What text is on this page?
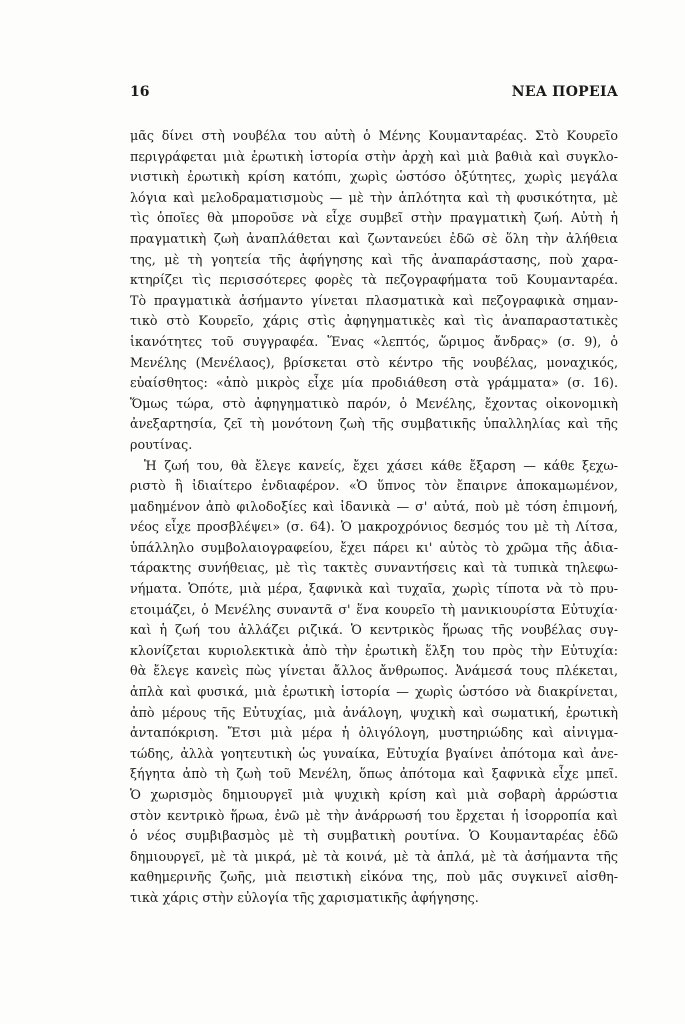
16	ΝΕΑ ΠΟΡΕΙΑ
μᾶς δίνει στὴ νουβέλα του αὐτὴ ὁ Μένης Κουμανταρέας. Στὸ Κουρεῖο
περιγράφεται μιὰ ἐρωτικὴ ἱστορία στὴν ἀρχὴ καὶ μιὰ βαθιὰ καὶ συγκλο-
νιστικὴ ἐρωτικὴ κρίση κατόπι, χωρὶς ὡστόσο ὀξύτητες, χωρὶς μεγάλα
λόγια καὶ μελοδραματισμοὺς — μὲ τὴν ἁπλότητα καὶ τὴ φυσικότητα, μὲ
τὶς ὁποῖες θὰ μποροῦσε νὰ εἶχε συμβεῖ στὴν πραγματικὴ ζωή. Αὐτὴ ἡ
πραγματικὴ ζωὴ ἀναπλάθεται καὶ ζωντανεύει ἐδῶ σὲ ὅλη τὴν ἀλήθεια
της, μὲ τὴ γοητεία τῆς ἀφήγησης καὶ τῆς ἀναπαράστασης, ποὺ χαρα-
κτηρίζει τὶς περισσότερες φορὲς τὰ πεζογραφήματα τοῦ Κουμανταρέα.
Τὸ πραγματικὰ ἀσήμαντο γίνεται πλασματικὰ καὶ πεζογραφικὰ σημαν-
τικὸ στὸ Κουρεῖο, χάρις στὶς ἀφηγηματικὲς καὶ τὶς ἀναπαραστατικὲς
ἱκανότητες τοῦ συγγραφέα. Ἕνας «λεπτός, ὥριμος ἄνδρας» (σ. 9), ὁ
Μενέλης (Μενέλαος), βρίσκεται στὸ κέντρο τῆς νουβέλας, μοναχικός,
εὐαίσθητος: «ἀπὸ μικρὸς εἶχε μία προδιάθεση στὰ γράμματα» (σ. 16).
Ὅμως τώρα, στὸ ἀφηγηματικὸ παρόν, ὁ Μενέλης, ἔχοντας οἰκονομικὴ
ἀνεξαρτησία, ζεῖ τὴ μονότονη ζωὴ τῆς συμβατικῆς ὑπαλληλίας καὶ τῆς
ρουτίνας.
Ἡ ζωή του, θὰ ἔλεγε κανείς, ἔχει χάσει κάθε ἔξαρση — κάθε ξεχω-
ριστὸ ἢ ἰδιαίτερο ἐνδιαφέρον. «Ὁ ὕπνος τὸν ἔπαιρνε ἀποκαμωμένον,
μαδημένον ἀπὸ φιλοδοξίες καὶ ἰδανικὰ — σ' αὐτά, ποὺ μὲ τόση ἐπιμονή,
νέος εἶχε προσβλέψει» (σ. 64). Ὁ μακροχρόνιος δεσμός του μὲ τὴ Λίτσα,
ὑπάλληλο συμβολαιογραφείου, ἔχει πάρει κι' αὐτὸς τὸ χρῶμα τῆς ἀδια-
τάρακτης συνήθειας, μὲ τὶς τακτὲς συναντήσεις καὶ τὰ τυπικὰ τηλεφω-
νήματα. Ὁπότε, μιὰ μέρα, ξαφνικὰ καὶ τυχαῖα, χωρὶς τίποτα νὰ τὸ πρυ-
ετοιμάζει, ὁ Μενέλης συναντᾶ σ' ἕνα κουρεῖο τὴ μανικιουρίστα Εὐτυχία·
καὶ ἡ ζωή του ἀλλάζει ριζικά. Ὁ κεντρικὸς ἥρωας τῆς νουβέλας συγ-
κλονίζεται κυριολεκτικὰ ἀπὸ τὴν ἐρωτικὴ ἕλξη του πρὸς τὴν Εὐτυχία:
θὰ ἔλεγε κανεὶς πὼς γίνεται ἄλλος ἄνθρωπος. Ἀνάμεσά τους πλέκεται,
ἁπλὰ καὶ φυσικά, μιὰ ἐρωτικὴ ἱστορία — χωρὶς ὡστόσο νὰ διακρίνεται,
ἀπὸ μέρους τῆς Εὐτυχίας, μιὰ ἀνάλογη, ψυχικὴ καὶ σωματική, ἐρωτικὴ
ἀνταπόκριση. Ἔτσι μιὰ μέρα ἡ ὀλιγόλογη, μυστηριώδης καὶ αἰνιγμα-
τώδης, ἀλλὰ γοητευτικὴ ὡς γυναίκα, Εὐτυχία βγαίνει ἀπότομα καὶ ἀνε-
ξήγητα ἀπὸ τὴ ζωὴ τοῦ Μενέλη, ὅπως ἀπότομα καὶ ξαφνικὰ εἶχε μπεῖ.
Ὁ χωρισμὸς δημιουργεῖ μιὰ ψυχικὴ κρίση καὶ μιὰ σοβαρὴ ἀρρώστια
στὸν κεντρικὸ ἥρωα, ἐνῶ μὲ τὴν ἀνάρρωσή του ἔρχεται ἡ ἰσορροπία καὶ
ὁ νέος συμβιβασμὸς μὲ τὴ συμβατικὴ ρουτίνα. Ὁ Κουμανταρέας ἐδῶ
δημιουργεῖ, μὲ τὰ μικρά, μὲ τὰ κοινά, μὲ τὰ ἁπλά, μὲ τὰ ἀσήμαντα τῆς
καθημερινῆς ζωῆς, μιὰ πειστικὴ εἰκόνα της, ποὺ μᾶς συγκινεῖ αἰσθη-
τικὰ χάρις στὴν εὐλογία τῆς χαρισματικῆς ἀφήγησης.
